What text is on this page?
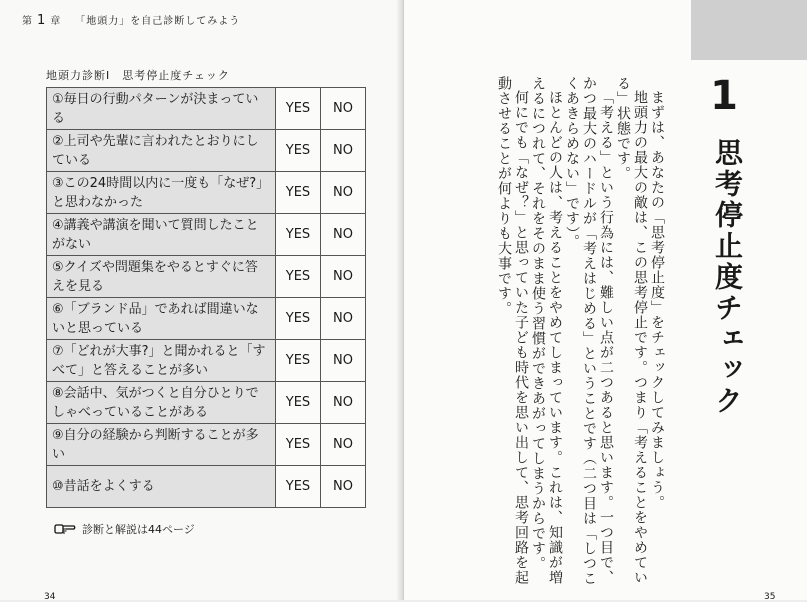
第 1 章 「地頭力」を自己診断してみよう
地頭力診断Ⅰ 思考停止度チェック
①毎日の行動パターンが決まっている	YES	NO
②上司や先輩に言われたとおりにしている	YES	NO
③この24時間以内に一度も「なぜ?」と思わなかった	YES	NO
④講義や講演を聞いて質問したことがない	YES	NO
⑤クイズや問題集をやるとすぐに答えを見る	YES	NO
⑥「ブランド品」であれば間違いないと思っている	YES	NO
⑦「どれが大事?」と聞かれると「すべて」と答えることが多い	YES	NO
⑧会話中、気がつくと自分ひとりでしゃべっていることがある	YES	NO
⑨自分の経験から判断することが多い	YES	NO
⑩昔話をよくする	YES	NO
診断と解説は44ページ
34
1
思考停止度チェック

まずは、あなたの「思考停止度」をチェックしてみましょう。

地頭力の最大の敵は、この思考停止です。つまり「考えることをやめている」状態です。

「考える」という行為には、難しい点が二つあると思います。一つ目で、かつ最大のハードルが「考えはじめる」ということです（二つ目は「しつこくあきらめない」です）。

ほとんどの人は、考えることをやめてしまっています。これは、知識が増えるにつれて、それをそのまま使う習慣ができあがってしまうからです。

何にでも「なぜ？」と思っていた子ども時代を思い出して、思考回路を起動させることが何よりも大事です。

35
